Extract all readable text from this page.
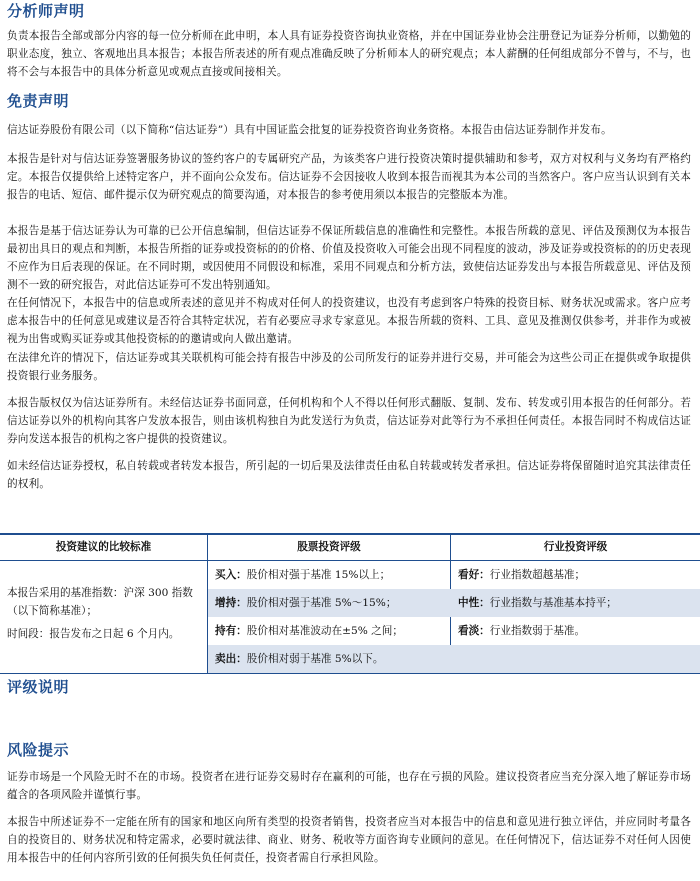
分析师声明

负责本报告全部或部分内容的每一位分析师在此申明，本人具有证券投资咨询执业资格，并在中国证券业协会注册登记为证券分析师，以勤勉的职业态度，独立、客观地出具本报告；本报告所表述的所有观点准确反映了分析师本人的研究观点；本人薪酬的任何组成部分不曾与，不与，也将不会与本报告中的具体分析意见或观点直接或间接相关。

免责声明

信达证券股份有限公司（以下简称“信达证券”）具有中国证监会批复的证券投资咨询业务资格。本报告由信达证券制作并发布。

本报告是针对与信达证券签署服务协议的签约客户的专属研究产品，为该类客户进行投资决策时提供辅助和参考，双方对权利与义务均有严格约定。本报告仅提供给上述特定客户，并不面向公众发布。信达证券不会因接收人收到本报告而视其为本公司的当然客户。客户应当认识到有关本报告的电话、短信、邮件提示仅为研究观点的简要沟通，对本报告的参考使用须以本报告的完整版本为准。

本报告是基于信达证券认为可靠的已公开信息编制，但信达证券不保证所载信息的准确性和完整性。本报告所载的意见、评估及预测仅为本报告最初出具日的观点和判断，本报告所指的证券或投资标的的价格、价值及投资收入可能会出现不同程度的波动，涉及证券或投资标的的历史表现不应作为日后表现的保证。在不同时期，或因使用不同假设和标准，采用不同观点和分析方法，致使信达证券发出与本报告所载意见、评估及预测不一致的研究报告，对此信达证券可不发出特别通知。

在任何情况下，本报告中的信息或所表述的意见并不构成对任何人的投资建议，也没有考虑到客户特殊的投资目标、财务状况或需求。客户应考虑本报告中的任何意见或建议是否符合其特定状况，若有必要应寻求专家意见。本报告所载的资料、工具、意见及推测仅供参考，并非作为或被视为出售或购买证券或其他投资标的的邀请或向人做出邀请。

在法律允许的情况下，信达证券或其关联机构可能会持有报告中涉及的公司所发行的证券并进行交易，并可能会为这些公司正在提供或争取提供投资银行业务服务。

本报告版权仅为信达证券所有。未经信达证券书面同意，任何机构和个人不得以任何形式翻版、复制、发布、转发或引用本报告的任何部分。若信达证券以外的机构向其客户发放本报告，则由该机构独自为此发送行为负责，信达证券对此等行为不承担任何责任。本报告同时不构成信达证券向发送本报告的机构之客户提供的投资建议。

如未经信达证券授权，私自转载或者转发本报告，所引起的一切后果及法律责任由私自转载或转发者承担。信达证券将保留随时追究其法律责任的权利。

投资建议的比较标准	股票投资评级	行业投资评级
本报告采用的基准指数：沪深 300 指数（以下简称基准）；
时间段：报告发布之日起 6 个月内。
买入：股价相对强于基准 15%以上；
增持：股价相对强于基准 5%～15%；
持有：股价相对基准波动在±5% 之间；
卖出：股价相对弱于基准 5%以下。
看好：行业指数超越基准；
中性：行业指数与基准基本持平；
看淡：行业指数弱于基准。
评级说明
风险提示

证券市场是一个风险无时不在的市场。投资者在进行证券交易时存在赢利的可能，也存在亏损的风险。建议投资者应当充分深入地了解证券市场蕴含的各项风险并谨慎行事。

本报告中所述证券不一定能在所有的国家和地区向所有类型的投资者销售，投资者应当对本报告中的信息和意见进行独立评估，并应同时考量各自的投资目的、财务状况和特定需求，必要时就法律、商业、财务、税收等方面咨询专业顾问的意见。在任何情况下，信达证券不对任何人因使用本报告中的任何内容所引致的任何损失负任何责任，投资者需自行承担风险。
